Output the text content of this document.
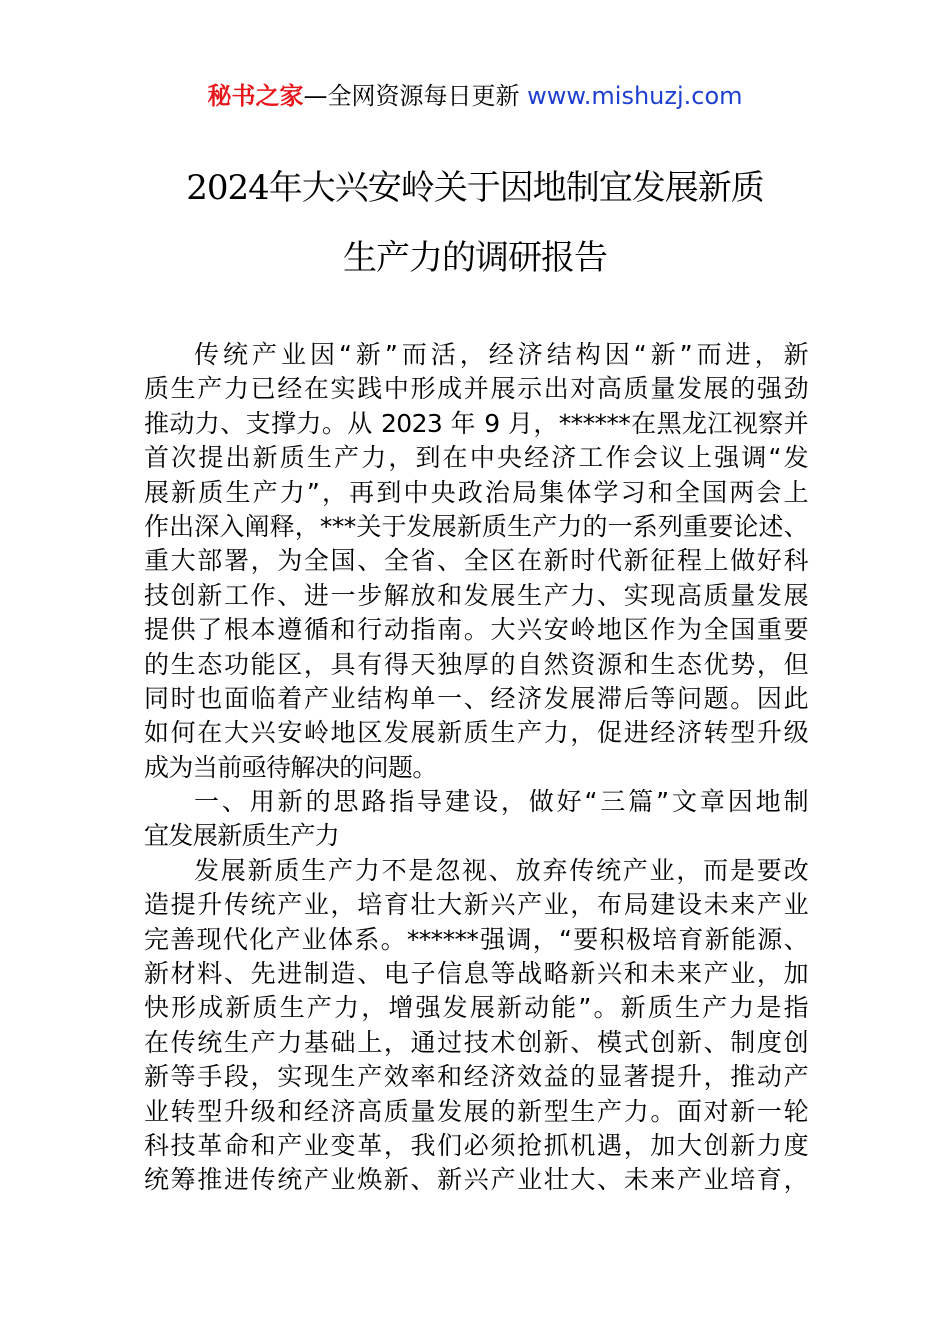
秘书之家—全网资源每日更新 www.mishuzj.com
2024年大兴安岭关于因地制宜发展新质
生产力的调研报告
传统产业因“新”而活，经济结构因“新”而进，新
质生产力已经在实践中形成并展示出对高质量发展的强劲
推动力、支撑力。从 2023 年 9 月，******在黑龙江视察并
首次提出新质生产力，到在中央经济工作会议上强调“发
展新质生产力”，再到中央政治局集体学习和全国两会上
作出深入阐释，***关于发展新质生产力的一系列重要论述、
重大部署，为全国、全省、全区在新时代新征程上做好科
技创新工作、进一步解放和发展生产力、实现高质量发展
提供了根本遵循和行动指南。大兴安岭地区作为全国重要
的生态功能区，具有得天独厚的自然资源和生态优势，但
同时也面临着产业结构单一、经济发展滞后等问题。因此
如何在大兴安岭地区发展新质生产力，促进经济转型升级
成为当前亟待解决的问题。
一、用新的思路指导建设，做好“三篇”文章因地制
宜发展新质生产力
发展新质生产力不是忽视、放弃传统产业，而是要改
造提升传统产业，培育壮大新兴产业，布局建设未来产业
完善现代化产业体系。******强调，“要积极培育新能源、
新材料、先进制造、电子信息等战略新兴和未来产业，加
快形成新质生产力，增强发展新动能”。新质生产力是指
在传统生产力基础上，通过技术创新、模式创新、制度创
新等手段，实现生产效率和经济效益的显著提升，推动产
业转型升级和经济高质量发展的新型生产力。面对新一轮
科技革命和产业变革，我们必须抢抓机遇，加大创新力度
统筹推进传统产业焕新、新兴产业壮大、未来产业培育，
